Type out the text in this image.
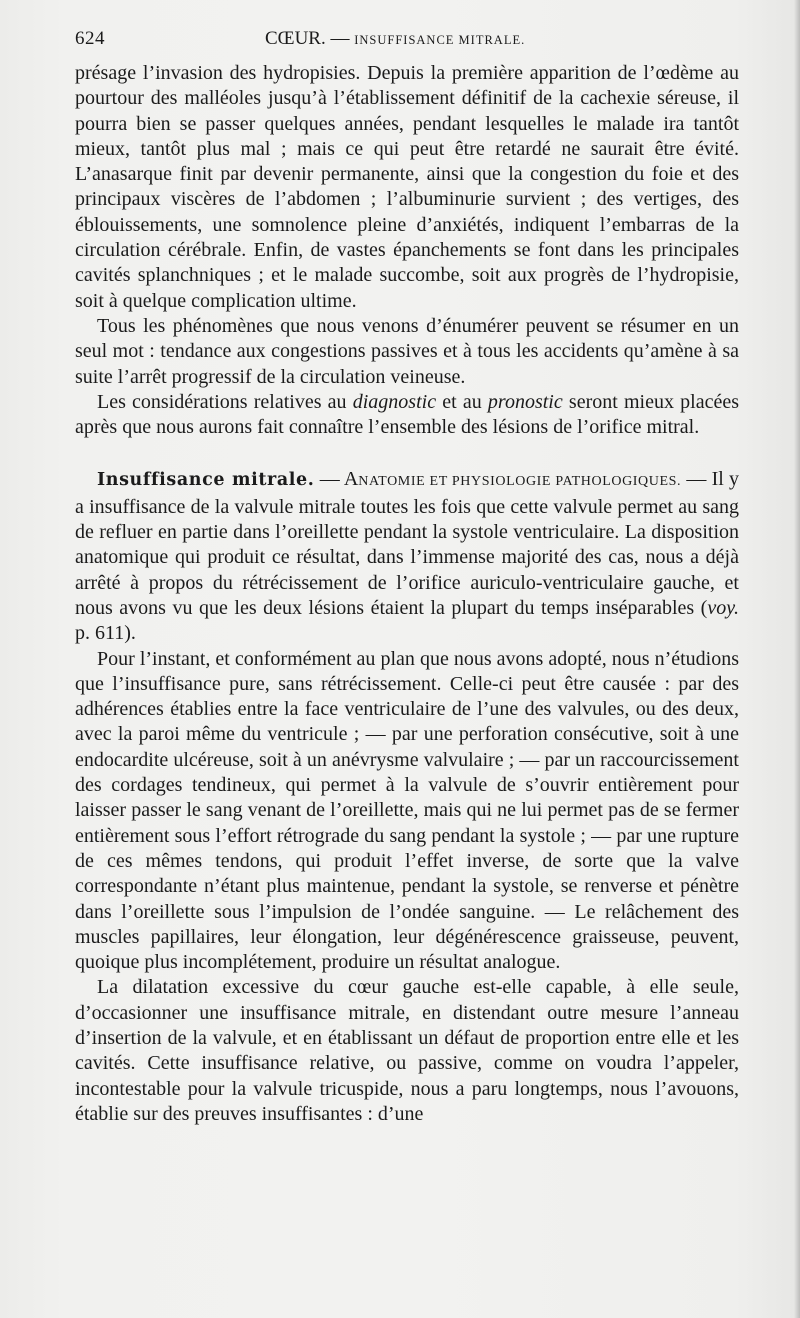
624	CŒUR. — INSUFFISANCE MITRALE.

présage l’invasion des hydropisies. Depuis la première apparition de l’œdème au pourtour des malléoles jusqu’à l’établissement définitif de la cachexie séreuse, il pourra bien se passer quelques années, pendant lesquelles le malade ira tantôt mieux, tantôt plus mal ; mais ce qui peut être retardé ne saurait être évité. L’anasarque finit par devenir permanente, ainsi que la congestion du foie et des principaux viscères de l’abdomen ; l’albuminurie survient ; des vertiges, des éblouissements, une somnolence pleine d’anxiétés, indiquent l’embarras de la circulation cérébrale. Enfin, de vastes épanchements se font dans les principales cavités splanchniques ; et le malade succombe, soit aux progrès de l’hydropisie, soit à quelque complication ultime.

Tous les phénomènes que nous venons d’énumérer peuvent se résumer en un seul mot : tendance aux congestions passives et à tous les accidents qu’amène à sa suite l’arrêt progressif de la circulation veineuse.

Les considérations relatives au diagnostic et au pronostic seront mieux placées après que nous aurons fait connaître l’ensemble des lésions de l’orifice mitral.

Insuffisance mitrale. — ANATOMIE ET PHYSIOLOGIE PATHOLOGIQUES. — Il y a insuffisance de la valvule mitrale toutes les fois que cette valvule permet au sang de refluer en partie dans l’oreillette pendant la systole ventriculaire. La disposition anatomique qui produit ce résultat, dans l’immense majorité des cas, nous a déjà arrêté à propos du rétrécissement de l’orifice auriculo-ventriculaire gauche, et nous avons vu que les deux lésions étaient la plupart du temps inséparables (voy. p. 611).

Pour l’instant, et conformément au plan que nous avons adopté, nous n’étudions que l’insuffisance pure, sans rétrécissement. Celle-ci peut être causée : par des adhérences établies entre la face ventriculaire de l’une des valvules, ou des deux, avec la paroi même du ventricule ; — par une perforation consécutive, soit à une endocardite ulcéreuse, soit à un anévrysme valvulaire ; — par un raccourcissement des cordages tendineux, qui permet à la valvule de s’ouvrir entièrement pour laisser passer le sang venant de l’oreillette, mais qui ne lui permet pas de se fermer entièrement sous l’effort rétrograde du sang pendant la systole ; — par une rupture de ces mêmes tendons, qui produit l’effet inverse, de sorte que la valve correspondante n’étant plus maintenue, pendant la systole, se renverse et pénètre dans l’oreillette sous l’impulsion de l’ondée sanguine. — Le relâchement des muscles papillaires, leur élongation, leur dégénérescence graisseuse, peuvent, quoique plus incomplétement, produire un résultat analogue.

La dilatation excessive du cœur gauche est-elle capable, à elle seule, d’occasionner une insuffisance mitrale, en distendant outre mesure l’anneau d’insertion de la valvule, et en établissant un défaut de proportion entre elle et les cavités. Cette insuffisance relative, ou passive, comme on voudra l’appeler, incontestable pour la valvule tricuspide, nous a paru longtemps, nous l’avouons, établie sur des preuves insuffisantes : d’une
